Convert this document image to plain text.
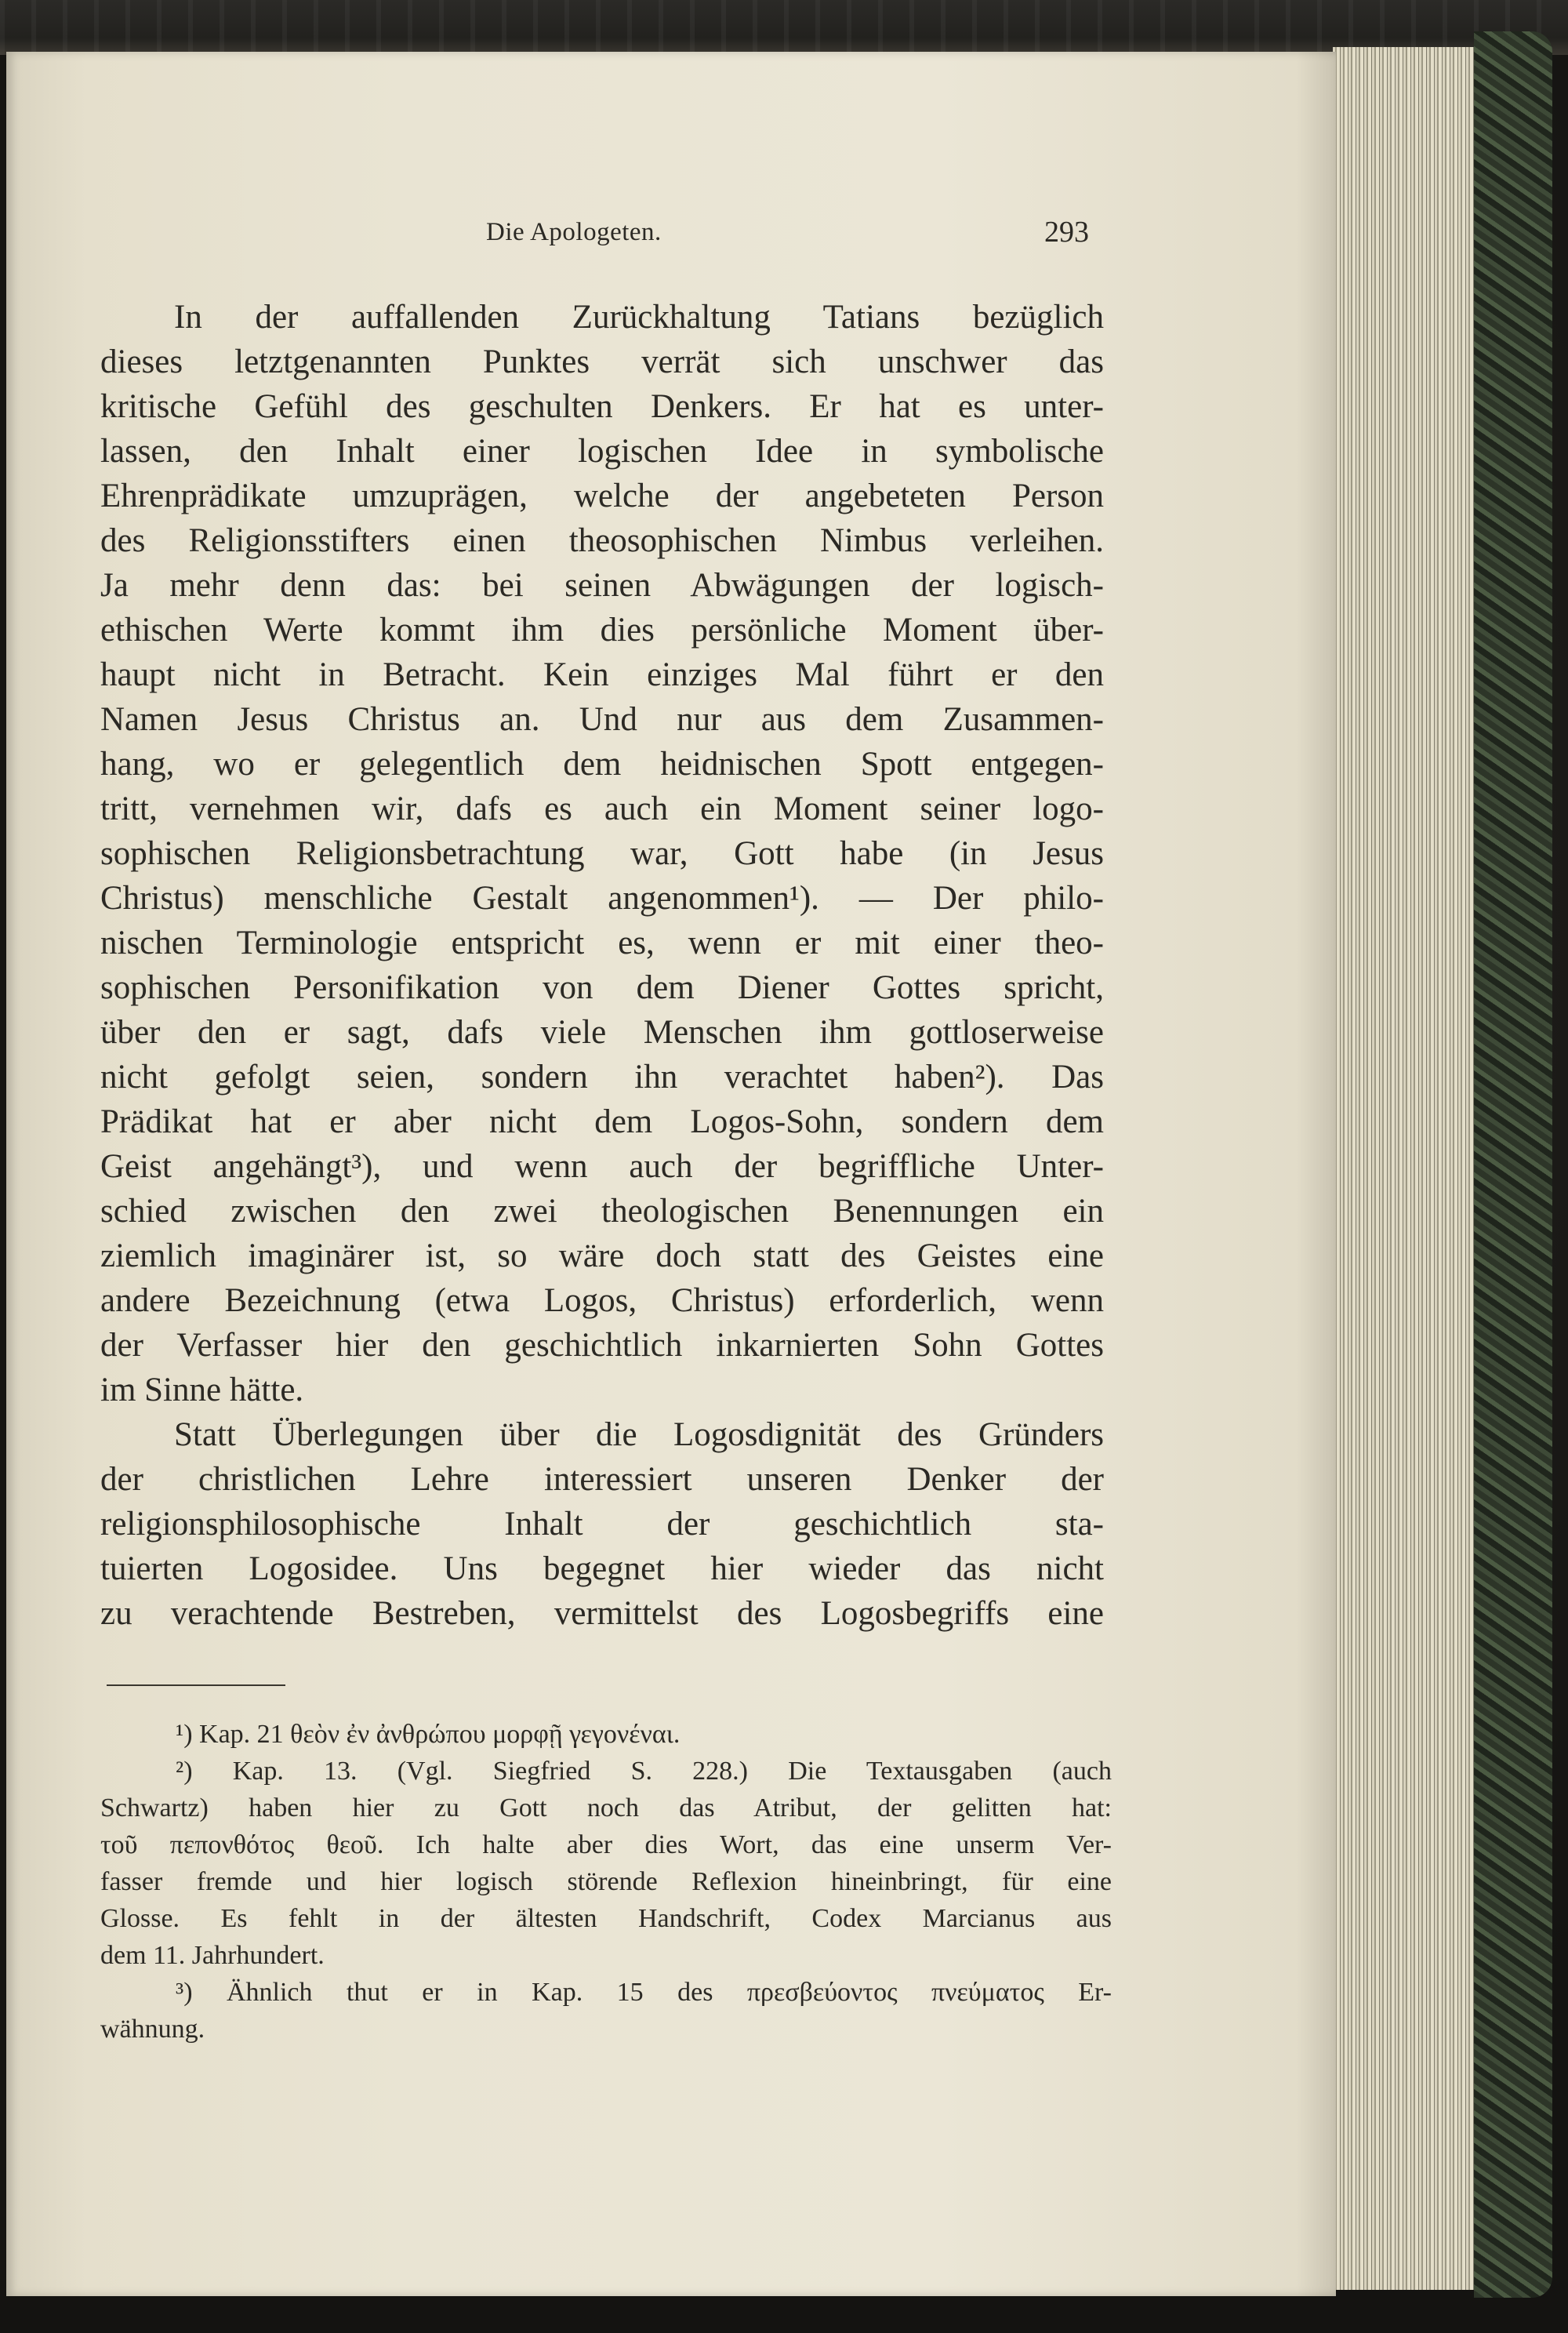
Die Apologeten.	293
In der auffallenden Zurückhaltung Tatians bezüglich
dieses letztgenannten Punktes verrät sich unschwer das
kritische Gefühl des geschulten Denkers. Er hat es unter-
lassen, den Inhalt einer logischen Idee in symbolische
Ehrenprädikate umzuprägen, welche der angebeteten Person
des Religionsstifters einen theosophischen Nimbus verleihen.
Ja mehr denn das: bei seinen Abwägungen der logisch-
ethischen Werte kommt ihm dies persönliche Moment über-
haupt nicht in Betracht. Kein einziges Mal führt er den
Namen Jesus Christus an. Und nur aus dem Zusammen-
hang, wo er gelegentlich dem heidnischen Spott entgegen-
tritt, vernehmen wir, dafs es auch ein Moment seiner logo-
sophischen Religionsbetrachtung war, Gott habe (in Jesus
Christus) menschliche Gestalt angenommen¹). — Der philo-
nischen Terminologie entspricht es, wenn er mit einer theo-
sophischen Personifikation von dem Diener Gottes spricht,
über den er sagt, dafs viele Menschen ihm gottloserweise
nicht gefolgt seien, sondern ihn verachtet haben²). Das
Prädikat hat er aber nicht dem Logos-Sohn, sondern dem
Geist angehängt³), und wenn auch der begriffliche Unter-
schied zwischen den zwei theologischen Benennungen ein
ziemlich imaginärer ist, so wäre doch statt des Geistes eine
andere Bezeichnung (etwa Logos, Christus) erforderlich, wenn
der Verfasser hier den geschichtlich inkarnierten Sohn Gottes
im Sinne hätte.
Statt Überlegungen über die Logosdignität des Gründers
der christlichen Lehre interessiert unseren Denker der
religionsphilosophische Inhalt der geschichtlich sta-
tuierten Logosidee. Uns begegnet hier wieder das nicht
zu verachtende Bestreben, vermittelst des Logosbegriffs eine
¹) Kap. 21 θεὸν ἐν ἀνθρώπου μορφῇ γεγονέναι.
²) Kap. 13. (Vgl. Siegfried S. 228.) Die Textausgaben (auch
Schwartz) haben hier zu Gott noch das Atribut, der gelitten hat:
τοῦ πεπονθότος θεοῦ. Ich halte aber dies Wort, das eine unserm Ver-
fasser fremde und hier logisch störende Reflexion hineinbringt, für eine
Glosse. Es fehlt in der ältesten Handschrift, Codex Marcianus aus
dem 11. Jahrhundert.
³) Ähnlich thut er in Kap. 15 des πρεσβεύοντος πνεύματος Er-
wähnung.
